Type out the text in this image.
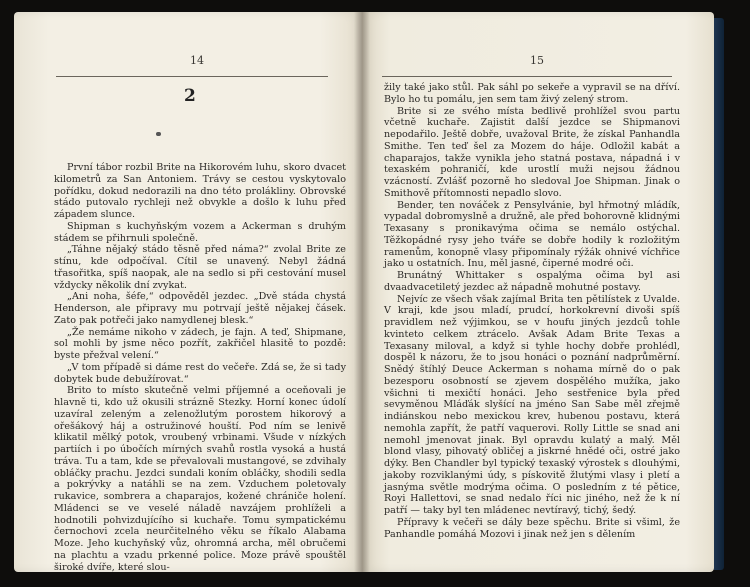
14
2

První tábor rozbil Brite na Hikorovém luhu, skoro dvacet kilometrů za San Antoniem. Trávy se cestou vyskytovalo pořídku, dokud nedorazili na dno této prolákliny. Obrovské stádo putovalo rychleji než obvykle a došlo k luhu před západem slunce.

Shipman s kuchyňským vozem a Ackerman s druhým stádem se přihrnuli společně.

„Táhne nějaký stádo těsně před náma?“ zvolal Brite ze stínu, kde odpočíval. Cítil se unavený. Nebyl žádná třasořitka, spíš naopak, ale na sedlo si při cestování musel vždycky několik dní zvykat.

„Ani noha, šéfe,“ odpověděl jezdec. „Dvě stáda chystá Henderson, ale připravy mu potrvají ještě nějakej čásek. Zato pak potřeči jako namydlenej blesk.“

„Že nemáme nikoho v zádech, je fajn. A teď, Shipmane, sol mohli by jsme něco pozřít, zakřičel hlasitě to pozdě: byste přežval velení.“

„V tom případě si dáme rest do večeře. Zdá se, že si tady dobytek bude debužírovat.“

Brito to místo skutečně velmi příjemné a oceňovali je hlavně ti, kdo už okusili strázně Stezky. Horní konec údolí uzavíral zeleným a zelenožlutým porostem hikorový a ořešákový háj a ostružinové houští. Pod ním se lenivě klikatil mělký potok, vroubený vrbinami. Všude v nízkých partiích i po úbočích mírných svahů rostla vysoká a hustá tráva. Tu a tam, kde se převalovali mustangové, se zdvihaly obláčky prachu. Jezdci sundali koním obláčky, shodili sedla a pokrývky a natáhli se na zem. Vzduchem poletovaly rukavice, sombrera a chaparajos, kožené chrániče holení. Mládenci se ve veselé náladě navzájem prohlíželi a hodnotili pohvizdujícího si kuchaře. Tomu sympatickému černochovi zcela neurčitelného věku se říkalo Alabama Moze. Jeho kuchyňský vůz, ohromná archa, měl obručemi na plachtu a vzadu prkenné police. Moze právě spouštěl široké dvíře, které slou-

15

žily také jako stůl. Pak sáhl po sekeře a vypravil se na dříví. Bylo ho tu pomálu, jen sem tam živý zelený strom.

Brite si ze svého místa bedlivě prohlížel svou partu včetně kuchaře. Zajistit další jezdce se Shipmanovi nepodařilo. Ještě dobře, uvažoval Brite, že získal Panhandla Smithe. Ten teď šel za Mozem do háje. Odložil kabát a chaparajos, takže vynikla jeho statná postava, nápadná i v texaském pohraničí, kde urostlí muži nejsou žádnou vzácností. Zvlášť pozorně ho sledoval Joe Shipman. Jinak o Smithově přítomnosti nepadlo slovo.

Bender, ten nováček z Pensylvánie, byl hřmotný mládík, vypadal dobromyslně a družně, ale před bohorovně klidnými Texasany s pronikavýma očima se nemálo ostýchal. Těžkopádné rysy jeho tváře se dobře hodily k rozložitým ramenům, konopně vlasy připomínaly rýžák ohnivé víchřice jako u ostatních. Inu, měl jasné, čiperné modré oči.

Brunátný Whittaker s ospalýma očima byl asi dvaadvacetiletý jezdec až nápadně mohutné postavy.

Nejvíc ze všech však zajímal Brita ten pětilístek z Uvalde. V kraji, kde jsou mladí, prudcí, horkokrevní divoši spíš pravidlem než výjimkou, se v houfu jiných jezdců tohle kvinteto celkem ztrácelo. Avšak Adam Brite Texas a Texasany miloval, a když si tyhle hochy dobře prohlédl, dospěl k názoru, že to jsou honáci o poznání nadprůměrní. Snědý štíhlý Deuce Ackerman s nohama mírně do o pak bezesporu osobností se zjevem dospělého mužíka, jako všichni ti mexičtí honáci. Jeho sestřenice byla před sevyměnou Mláďák slyšící na jméno San Sabe měl zřejmě indiánskou nebo mexickou krev, hubenou postavu, která nemohla zapřít, že patří vaquerovi. Rolly Little se snad ani nemohl jmenovat jinak. Byl opravdu kulatý a malý. Měl blond vlasy, pihovatý obličej a jiskrné hnědé oči, ostré jako dýky. Ben Chandler byl typický texaský výrostek s dlouhými, jakoby rozviklanými údy, s pískovitě žlutými vlasy i pletí a jasnýma světle modrýma očima. O posledním z té pětice, Royi Hallettovi, se snad nedalo říci nic jiného, než že k ní patří — taky byl ten mládenec nevtíravý, tichý, šedý.

Přípravy k večeři se dály beze spěchu. Brite si všiml, že Panhandle pomáhá Mozovi i jinak než jen s dělením
